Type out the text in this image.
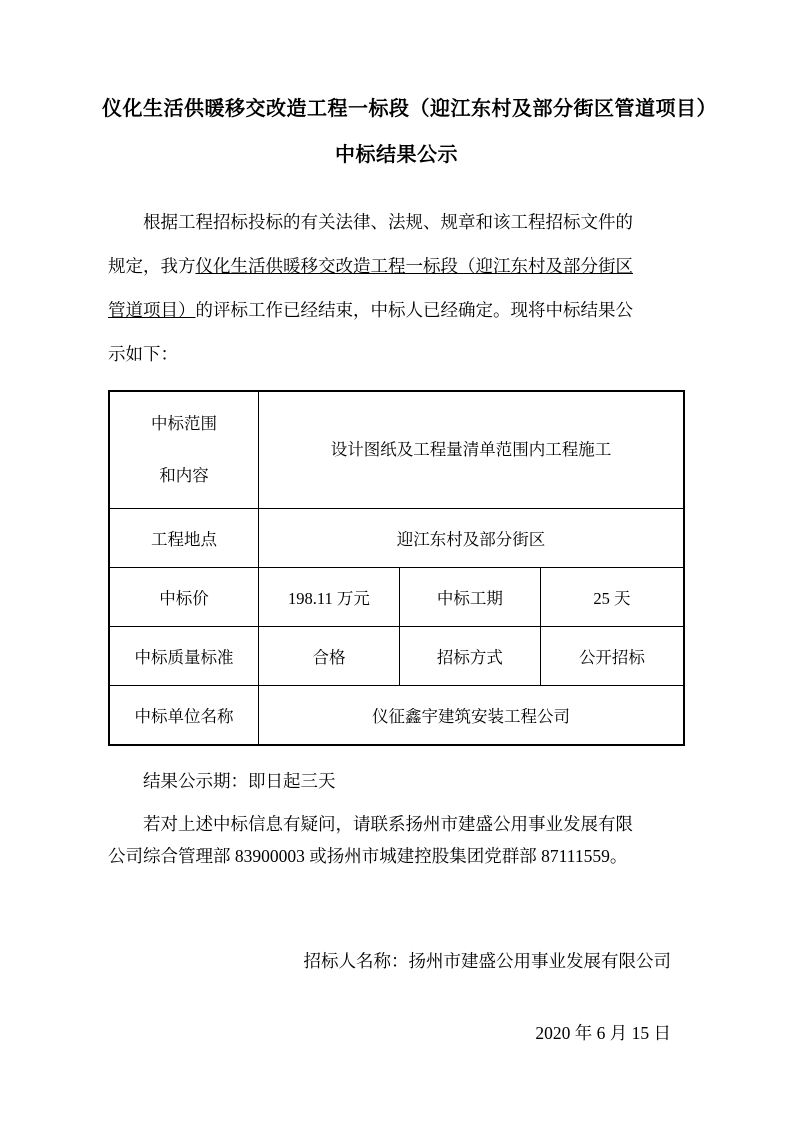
仪化生活供暖移交改造工程一标段（迎江东村及部分街区管道项目）
中标结果公示
根据工程招标投标的有关法律、法规、规章和该工程招标文件的
规定，我方仪化生活供暖移交改造工程一标段（迎江东村及部分街区
管道项目）的评标工作已经结束，中标人已经确定。现将中标结果公
示如下：
中标范围
和内容	设计图纸及工程量清单范围内工程施工		
工程地点	迎江东村及部分街区		
中标价	198.11 万元	中标工期	25 天
中标质量标准	合格	招标方式	公开招标
中标单位名称	仪征鑫宇建筑安装工程公司		
结果公示期：即日起三天
若对上述中标信息有疑问，请联系扬州市建盛公用事业发展有限
公司综合管理部 83900003 或扬州市城建控股集团党群部 87111559。
招标人名称：扬州市建盛公用事业发展有限公司
2020 年 6 月 15 日
